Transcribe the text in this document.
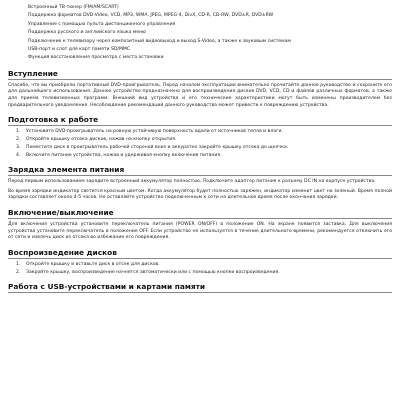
Встроенный ТВ-тюнер (FM/AM/SCART)
Поддержка форматов DVD-Video, VCD, MP3, WMA, JPEG, MPEG-4, DivX, CD-R, CD-RW, DVD±R, DVD±RW
Управление с помощью пульта дистанционного управления
Поддержка русского и английского языка меню
Подключение к телевизору через композитный видеовыход и выход S-Video, а также к звуковым системам
USB-порт и слот для карт памяти SD/MMC
Функция восстановления просмотра с места остановки
Вступление

Спасибо, что вы приобрели портативный DVD-проигрыватель. Перед началом эксплуатации внимательно прочитайте данное руководство и сохраните его для дальнейшего использования. Данное устройство предназначено для воспроизведения дисков DVD, VCD, CD и файлов различных форматов, а также для приема телевизионных программ. Внешний вид устройства и его технические характеристики могут быть изменены производителем без предварительного уведомления. Несоблюдение рекомендаций данного руководства может привести к повреждению устройства.

Подготовка к работе
1. Установите DVD-проигрыватель на ровную устойчивую поверхность вдали от источников тепла и влаги.
2. Откройте крышку отсека дисков, нажав на кнопку открытия.
3. Поместите диск в проигрыватель рабочей стороной вниз и аккуратно закройте крышку отсека до щелчка.
4. Включите питание устройства, нажав и удерживая кнопку включения питания.
Зарядка элемента питания

Перед первым использованием зарядите встроенный аккумулятор полностью. Подключите адаптер питания к разъему DC IN на корпусе устройства.

Во время зарядки индикатор светится красным цветом. Когда аккумулятор будет полностью заряжен, индикатор изменит цвет на зеленый. Время полной зарядки составляет около 4-5 часов. Не оставляйте устройство подключенным к сети на длительное время после окончания зарядки.

Включение/выключение

Для включения устройства установите переключатель питания (POWER ON/OFF) в положение ON. На экране появится заставка. Для выключения устройства установите переключатель в положение OFF. Если устройство не используется в течение длительного времени, рекомендуется отключить его от сети и извлечь диск из отсека во избежание его повреждения.

Воспроизведение дисков
1. Откройте крышку и вставьте диск в отсек для дисков.
2. Закройте крышку, воспроизведение начнется автоматически или с помощью кнопки воспроизведения.
Работа с USB-устройствами и картами памяти
